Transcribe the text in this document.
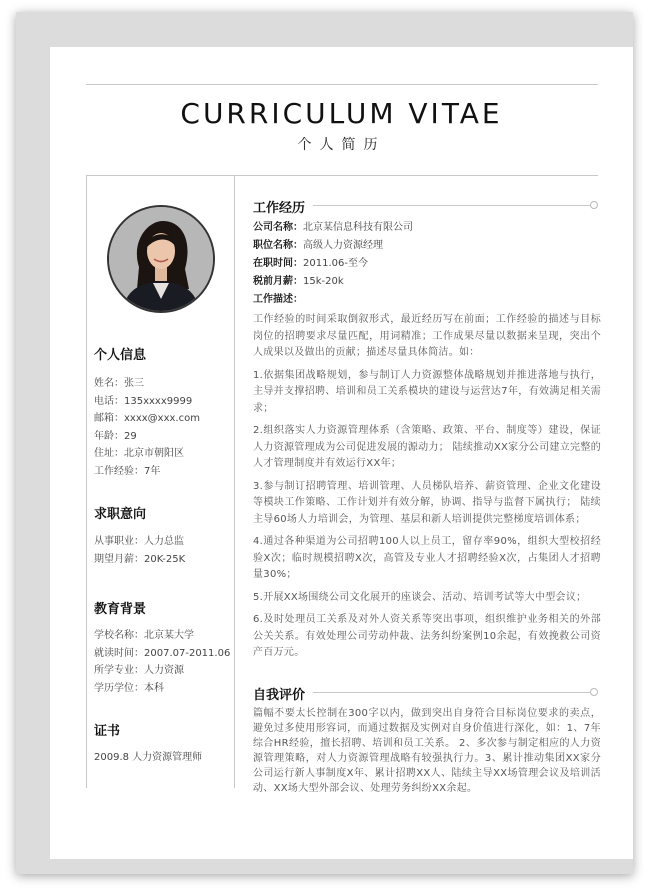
CURRICULUM VITAE
个人简历
个人信息
姓名：张三
电话：135xxxx9999
邮箱：xxxx@xxx.com
年龄：29
住址：北京市朝阳区
工作经验：7年
求职意向
从事职业：人力总监
期望月薪：20K-25K
教育背景
学校名称：北京某大学
就读时间：2007.07-2011.06
所学专业：人力资源
学历学位：本科
证书
2009.8 人力资源管理师
工作经历
公司名称：北京某信息科技有限公司
职位名称：高级人力资源经理
在职时间：2011.06-至今
税前月薪：15k-20k
工作描述：

工作经验的时间采取倒叙形式，最近经历写在前面；工作经验的描述与目标岗位的招聘要求尽量匹配，用词精准；工作成果尽量以数据来呈现，突出个人成果以及做出的贡献；描述尽量具体简洁。如：

1.依据集团战略规划，参与制订人力资源整体战略规划并推进落地与执行，主导并支撑招聘、培训和员工关系模块的建设与运营达7年，有效满足相关需求；

2.组织落实人力资源管理体系（含策略、政策、平台、制度等）建设，保证人力资源管理成为公司促进发展的源动力； 陆续推动XX家分公司建立完整的人才管理制度并有效运行XX年；

3.参与制订招聘管理、培训管理、人员梯队培养、薪资管理、企业文化建设等模块工作策略、工作计划并有效分解，协调、指导与监督下属执行； 陆续主导60场人力培训会，为管理、基层和新人培训提供完整梯度培训体系；

4.通过各种渠道为公司招聘100人以上员工，留存率90%，组织大型校招经验X次；临时规模招聘X次，高管及专业人才招聘经验X次，占集团人才招聘量30%；

5.开展XX场围绕公司文化展开的座谈会、活动、培训考试等大中型会议；

6.及时处理员工关系及对外人资关系等突出事项，组织维护业务相关的外部公关关系。有效处理公司劳动仲裁、法务纠纷案例10余起，有效挽救公司资产百万元。

自我评价
篇幅不要太长控制在300字以内，做到突出自身符合目标岗位要求的卖点，避免过多使用形容词，而通过数据及实例对自身价值进行深化，如：1、7年综合HR经验，擅长招聘、培训和员工关系。 2、多次参与制定相应的人力资源管理策略，对人力资源管理战略有较强执行力。3、累计推动集团XX家分公司运行新人事制度X年、累计招聘XX人、陆续主导XX场管理会议及培训活动、XX场大型外部会议、处理劳务纠纷XX余起。
